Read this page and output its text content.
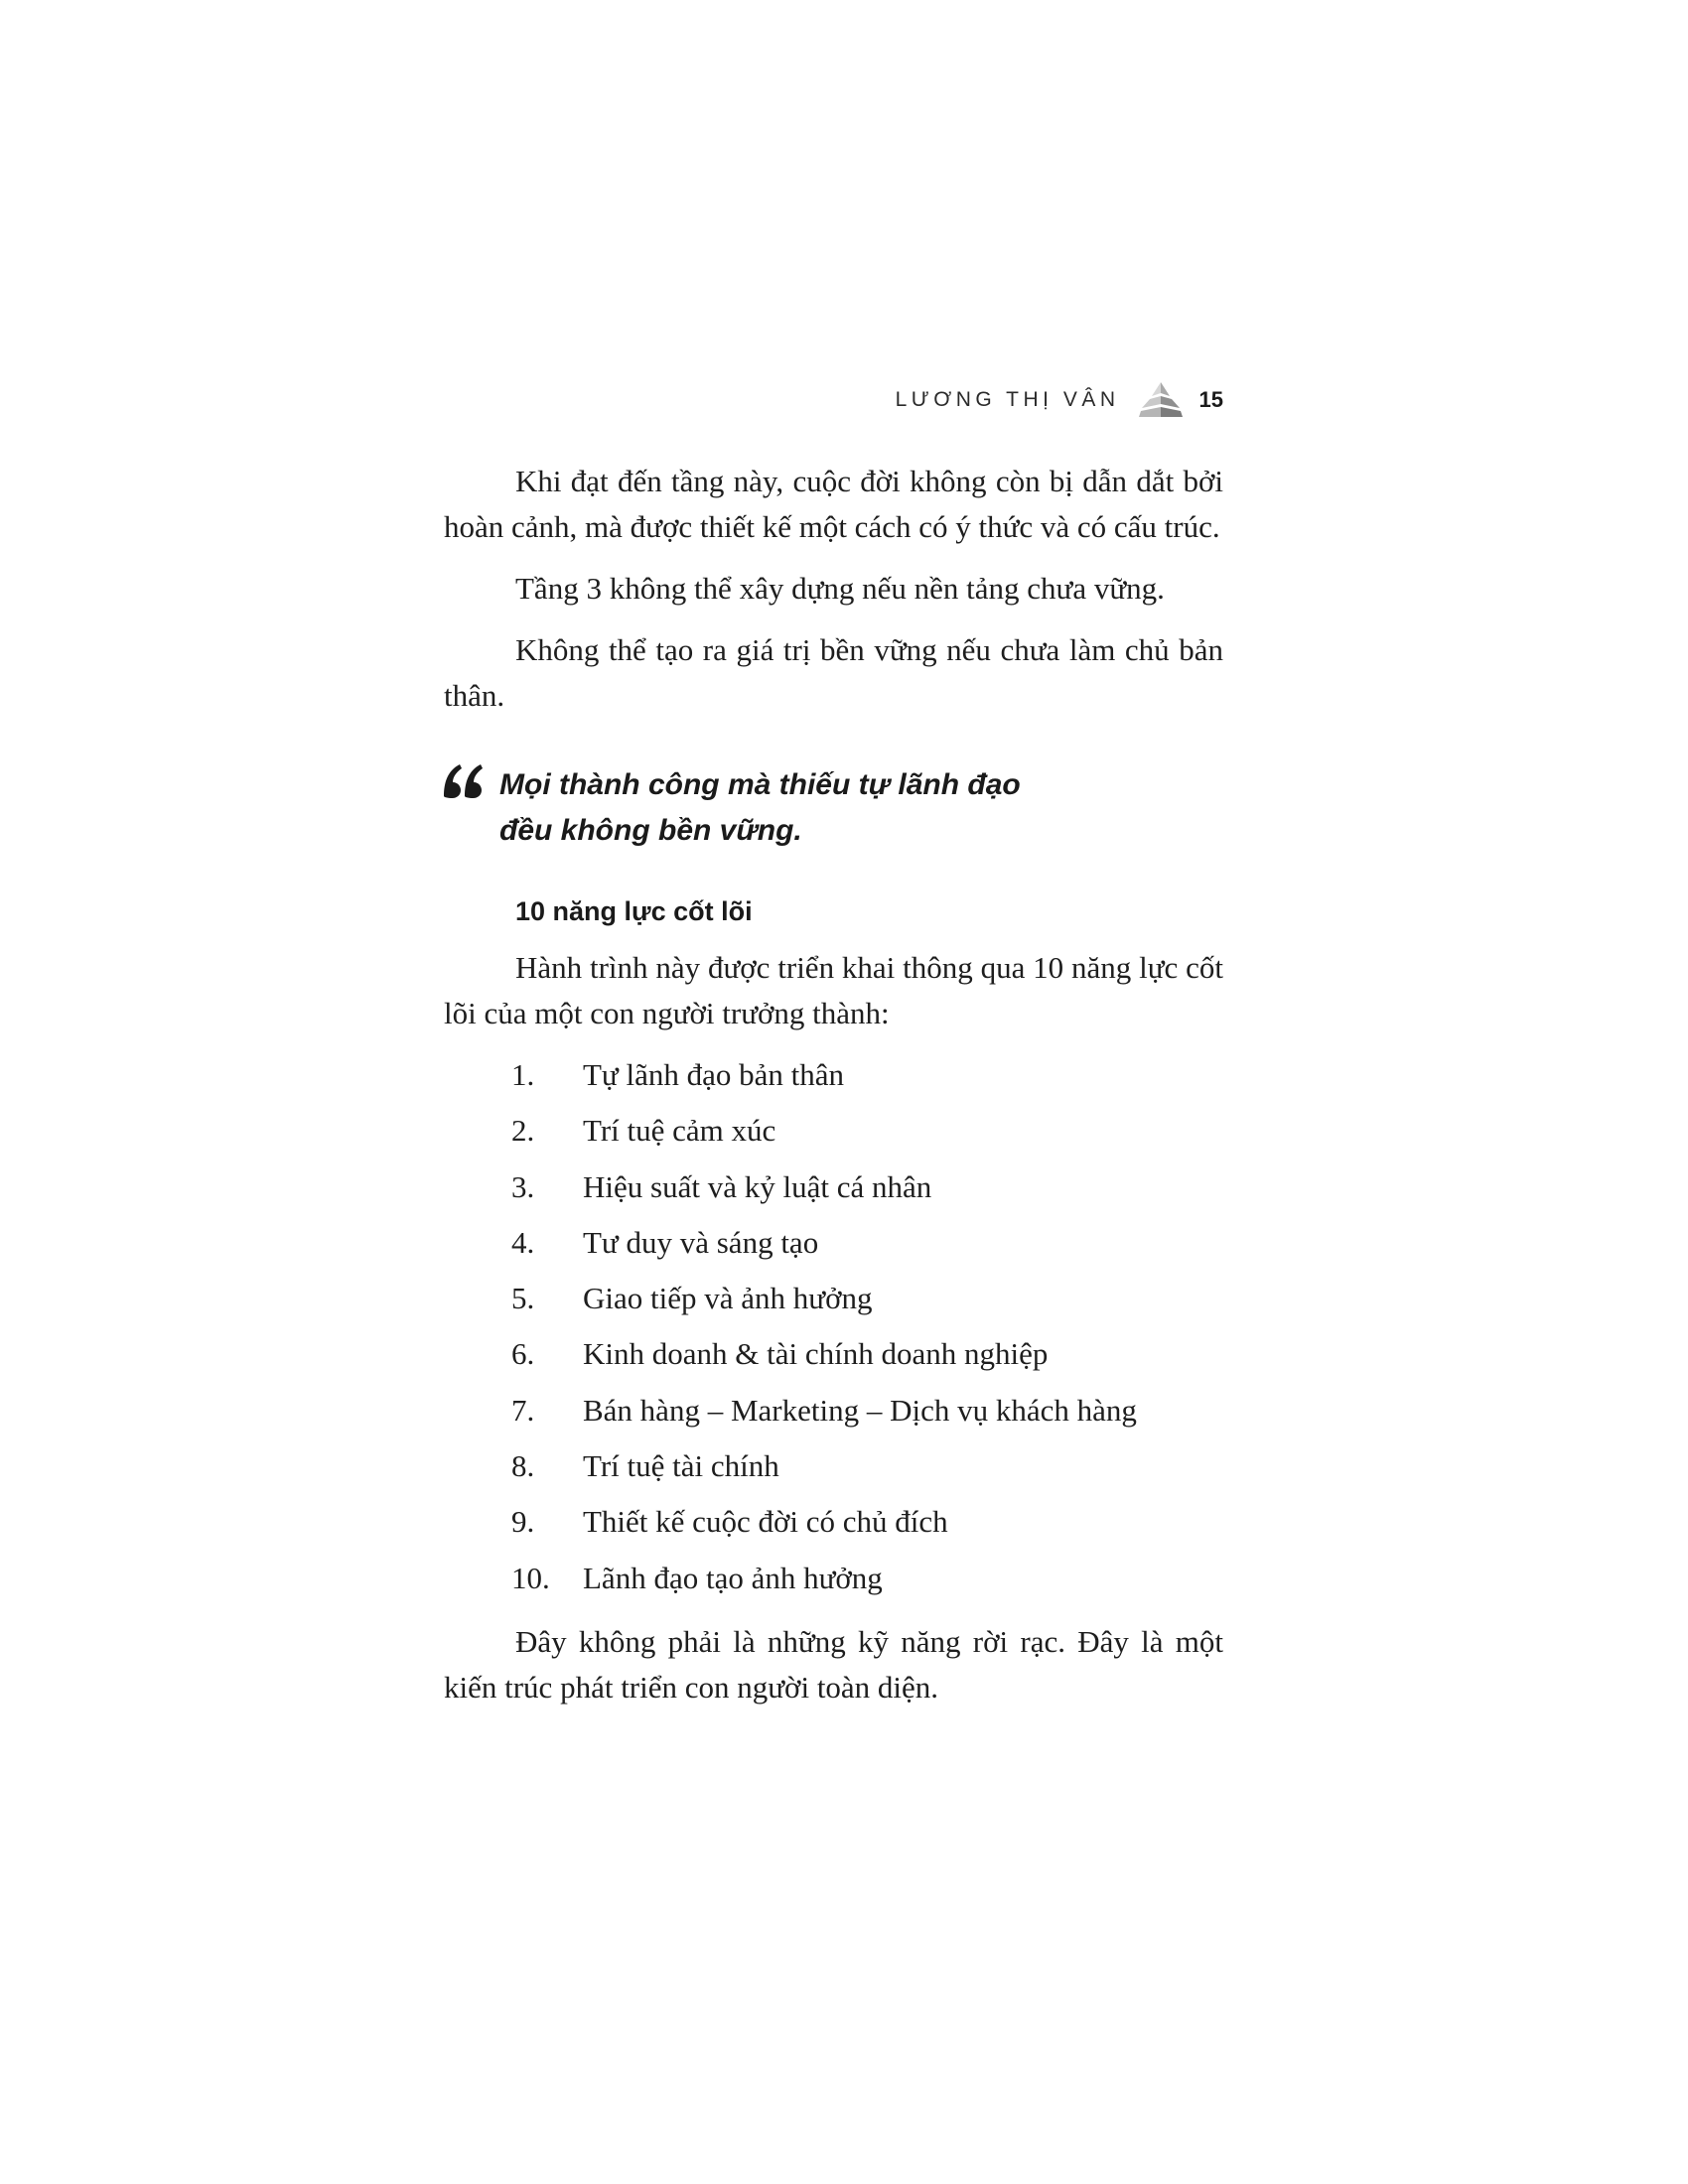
LƯƠNG THỊ VÂN	15

Khi đạt đến tầng này, cuộc đời không còn bị dẫn dắt bởi hoàn cảnh, mà được thiết kế một cách có ý thức và có cấu trúc.

Tầng 3 không thể xây dựng nếu nền tảng chưa vững.

Không thể tạo ra giá trị bền vững nếu chưa làm chủ bản thân.

Mọi thành công mà thiếu tự lãnh đạo
đều không bền vững.
10 năng lực cốt lõi

Hành trình này được triển khai thông qua 10 năng lực cốt lõi của một con người trưởng thành:

1.	Tự lãnh đạo bản thân
2.	Trí tuệ cảm xúc
3.	Hiệu suất và kỷ luật cá nhân
4.	Tư duy và sáng tạo
5.	Giao tiếp và ảnh hưởng
6.	Kinh doanh & tài chính doanh nghiệp
7.	Bán hàng – Marketing – Dịch vụ khách hàng
8.	Trí tuệ tài chính
9.	Thiết kế cuộc đời có chủ đích
10.	Lãnh đạo tạo ảnh hưởng

Đây không phải là những kỹ năng rời rạc. Đây là một kiến trúc phát triển con người toàn diện.
